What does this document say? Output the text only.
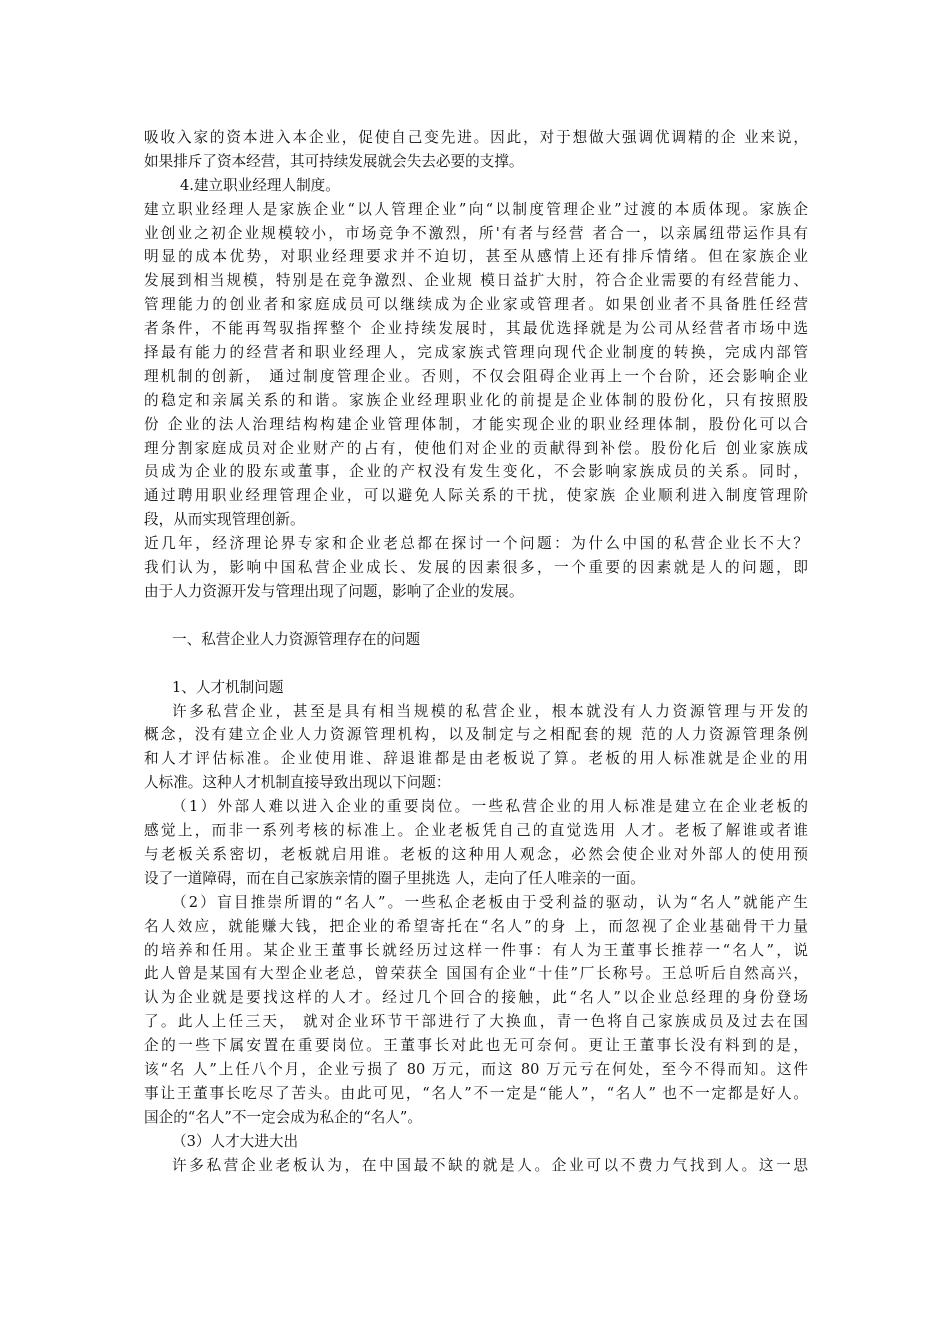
吸收入家的资本进入本企业，促使自己变先进。因此，对于想做大强调优调精的企 业来说，
如果排斥了资本经营，其可持续发展就会失去必要的支撑。
4.建立职业经理人制度。
建立职业经理人是家族企业“以人管理企业”向“以制度管理企业”过渡的本质体现。家族企
业创业之初企业规模较小，市场竞争不激烈，所'有者与经营 者合一，以亲属纽带运作具有
明显的成本优势，对职业经理要求并不迫切，甚至从感情上还有排斥情绪。但在家族企业
发展到相当规模，特别是在竞争激烈、企业规 模日益扩大肘，符合企业需要的有经营能力、
管理能力的创业者和家庭成员可以继续成为企业家或管理者。如果创业者不具备胜任经营
者条件，不能再驾驭指挥整个 企业持续发展时，其最优选择就是为公司从经营者市场中选
择最有能力的经营者和职业经理人，完成家族式管理向现代企业制度的转换，完成内部管
理机制的创新， 通过制度管理企业。否则，不仅会阻碍企业再上一个台阶，还会影响企业
的稳定和亲属关系的和谐。家族企业经理职业化的前提是企业体制的股份化，只有按照股
份 企业的法人治理结构构建企业管理体制，才能实现企业的职业经理体制，股份化可以合
理分割家庭成员对企业财产的占有，使他们对企业的贡献得到补偿。股份化后 创业家族成
员成为企业的股东或董事，企业的产权没有发生变化，不会影响家族成员的关系。同时，
通过聘用职业经理管理企业，可以避免人际关系的干扰，使家族 企业顺利进入制度管理阶
段，从而实现管理创新。
近几年，经济理论界专家和企业老总都在探讨一个问题：为什么中国的私营企业长不大？
我们认为，影响中国私营企业成长、发展的因素很多，一个重要的因素就是人的问题，即
由于人力资源开发与管理出现了问题，影响了企业的发展。
一、私营企业人力资源管理存在的问题
1、人才机制问题
许多私营企业，甚至是具有相当规模的私营企业，根本就没有人力资源管理与开发的
概念，没有建立企业人力资源管理机构，以及制定与之相配套的规 范的人力资源管理条例
和人才评估标准。企业使用谁、辞退谁都是由老板说了算。老板的用人标准就是企业的用
人标准。这种人才机制直接导致出现以下问题：
（1）外部人难以进入企业的重要岗位。一些私营企业的用人标准是建立在企业老板的
感觉上，而非一系列考核的标准上。企业老板凭自己的直觉选用 人才。老板了解谁或者谁
与老板关系密切，老板就启用谁。老板的这种用人观念，必然会使企业对外部人的使用预
设了一道障碍，而在自己家族亲情的圈子里挑选 人，走向了任人唯亲的一面。
（2）盲目推崇所谓的“名人”。一些私企老板由于受利益的驱动，认为“名人”就能产生
名人效应，就能赚大钱，把企业的希望寄托在“名人”的身 上，而忽视了企业基础骨干力量
的培养和任用。某企业王董事长就经历过这样一件事：有人为王董事长推荐一“名人”，说
此人曾是某国有大型企业老总，曾荣获全 国国有企业“十佳”厂长称号。王总听后自然高兴，
认为企业就是要找这样的人才。经过几个回合的接触，此“名人”以企业总经理的身份登场
了。此人上任三天， 就对企业环节干部进行了大换血，青一色将自己家族成员及过去在国
企的一些下属安置在重要岗位。王董事长对此也无可奈何。更让王董事长没有料到的是，
该“名 人”上任八个月，企业亏损了 80 万元，而这 80 万元亏在何处，至今不得而知。这件
事让王董事长吃尽了苦头。由此可见，“名人”不一定是“能人”，“名人” 也不一定都是好人。
国企的“名人”不一定会成为私企的“名人”。
（3）人才大进大出
许多私营企业老板认为，在中国最不缺的就是人。企业可以不费力气找到人。这一思
